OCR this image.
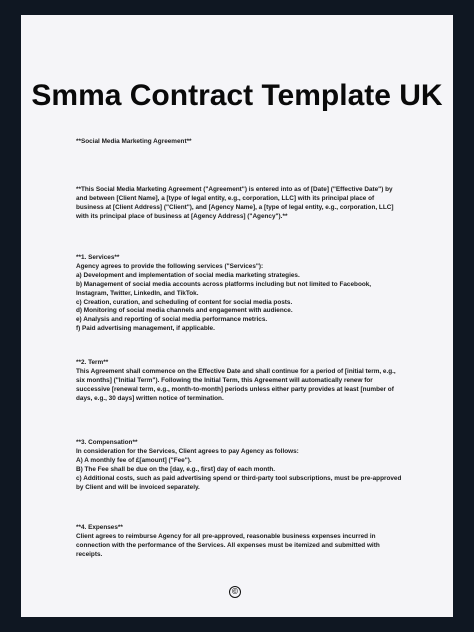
Smma Contract Template UK
**Social Media Marketing Agreement**
**This Social Media Marketing Agreement ("Agreement") is entered into as of [Date] ("Effective Date") by
and between [Client Name], a [type of legal entity, e.g., corporation, LLC] with its principal place of
business at [Client Address] ("Client"), and [Agency Name], a [type of legal entity, e.g., corporation, LLC]
with its principal place of business at [Agency Address] ("Agency").**
**1. Services**
Agency agrees to provide the following services ("Services"):
a) Development and implementation of social media marketing strategies.
b) Management of social media accounts across platforms including but not limited to Facebook,
Instagram, Twitter, LinkedIn, and TikTok.
c) Creation, curation, and scheduling of content for social media posts.
d) Monitoring of social media channels and engagement with audience.
e) Analysis and reporting of social media performance metrics.
f) Paid advertising management, if applicable.
**2. Term**
This Agreement shall commence on the Effective Date and shall continue for a period of [initial term, e.g.,
six months] ("Initial Term"). Following the Initial Term, this Agreement will automatically renew for
successive [renewal term, e.g., month-to-month] periods unless either party provides at least [number of
days, e.g., 30 days] written notice of termination.
**3. Compensation**
In consideration for the Services, Client agrees to pay Agency as follows:
A) A monthly fee of £[amount] ("Fee").
B) The Fee shall be due on the [day, e.g., first] day of each month.
c) Additional costs, such as paid advertising spend or third-party tool subscriptions, must be pre-approved
by Client and will be invoiced separately.
**4. Expenses**
Client agrees to reimburse Agency for all pre-approved, reasonable business expenses incurred in
connection with the performance of the Services. All expenses must be itemized and submitted with
receipts.
©
